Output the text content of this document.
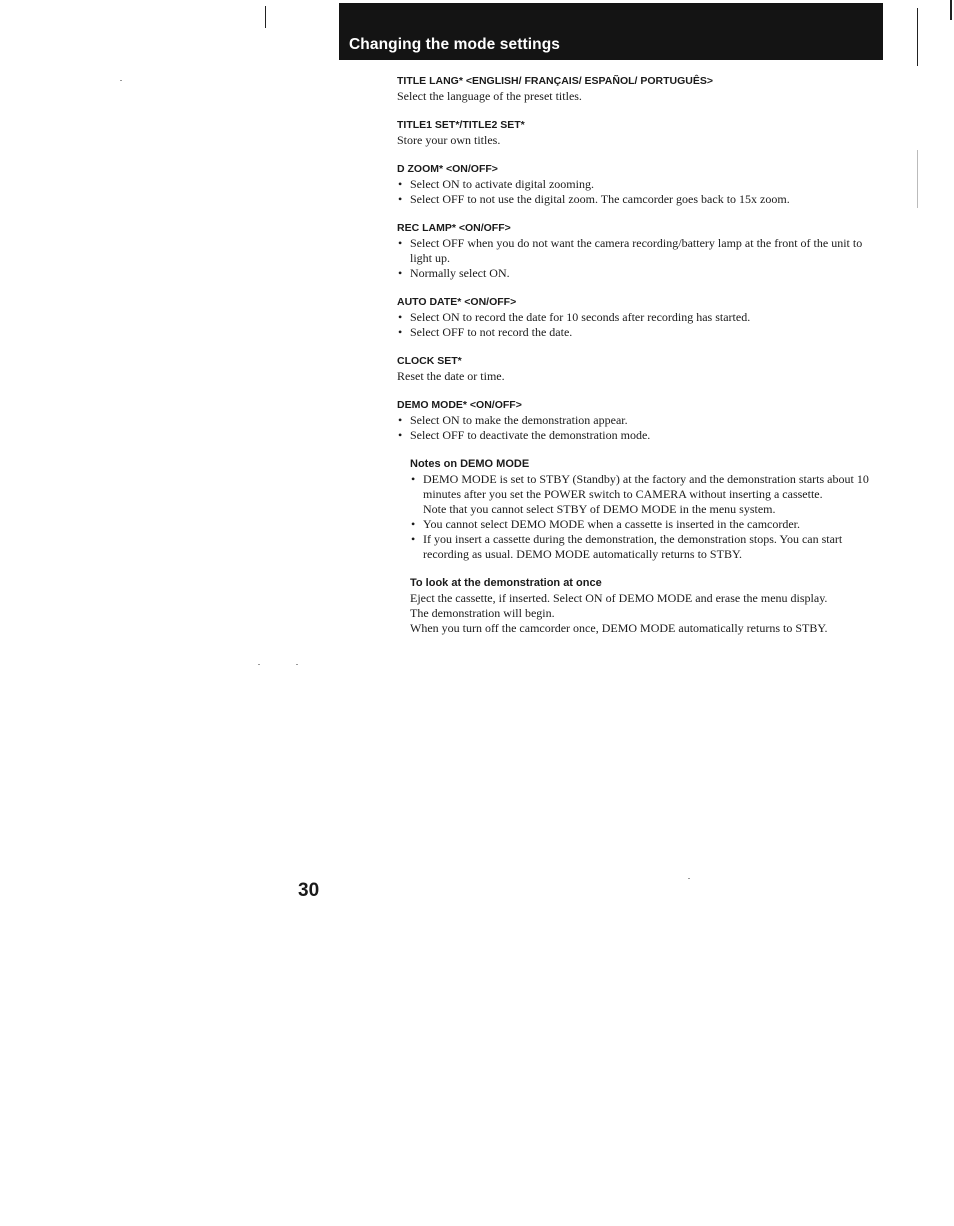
Changing the mode settings

TITLE LANG* <ENGLISH/ FRANÇAIS/ ESPAÑOL/ PORTUGUÊS>

Select the language of the preset titles.

TITLE1 SET*/TITLE2 SET*

Store your own titles.

D ZOOM* <ON/OFF>

• Select ON to activate digital zooming.
• Select OFF to not use the digital zoom. The camcorder goes back to 15x zoom.

REC LAMP* <ON/OFF>

• Select OFF when you do not want the camera recording/battery lamp at the front of the unit to light up.
• Normally select ON.

AUTO DATE* <ON/OFF>

• Select ON to record the date for 10 seconds after recording has started.
• Select OFF to not record the date.

CLOCK SET*

Reset the date or time.

DEMO MODE* <ON/OFF>

• Select ON to make the demonstration appear.
• Select OFF to deactivate the demonstration mode.

Notes on DEMO MODE

• DEMO MODE is set to STBY (Standby) at the factory and the demonstration starts about 10 minutes after you set the POWER switch to CAMERA without inserting a cassette.

Note that you cannot select STBY of DEMO MODE in the menu system.

• You cannot select DEMO MODE when a cassette is inserted in the camcorder.
• If you insert a cassette during the demonstration, the demonstration stops. You can start recording as usual. DEMO MODE automatically returns to STBY.

To look at the demonstration at once

Eject the cassette, if inserted. Select ON of DEMO MODE and erase the menu display.

The demonstration will begin.

When you turn off the camcorder once, DEMO MODE automatically returns to STBY.

30
